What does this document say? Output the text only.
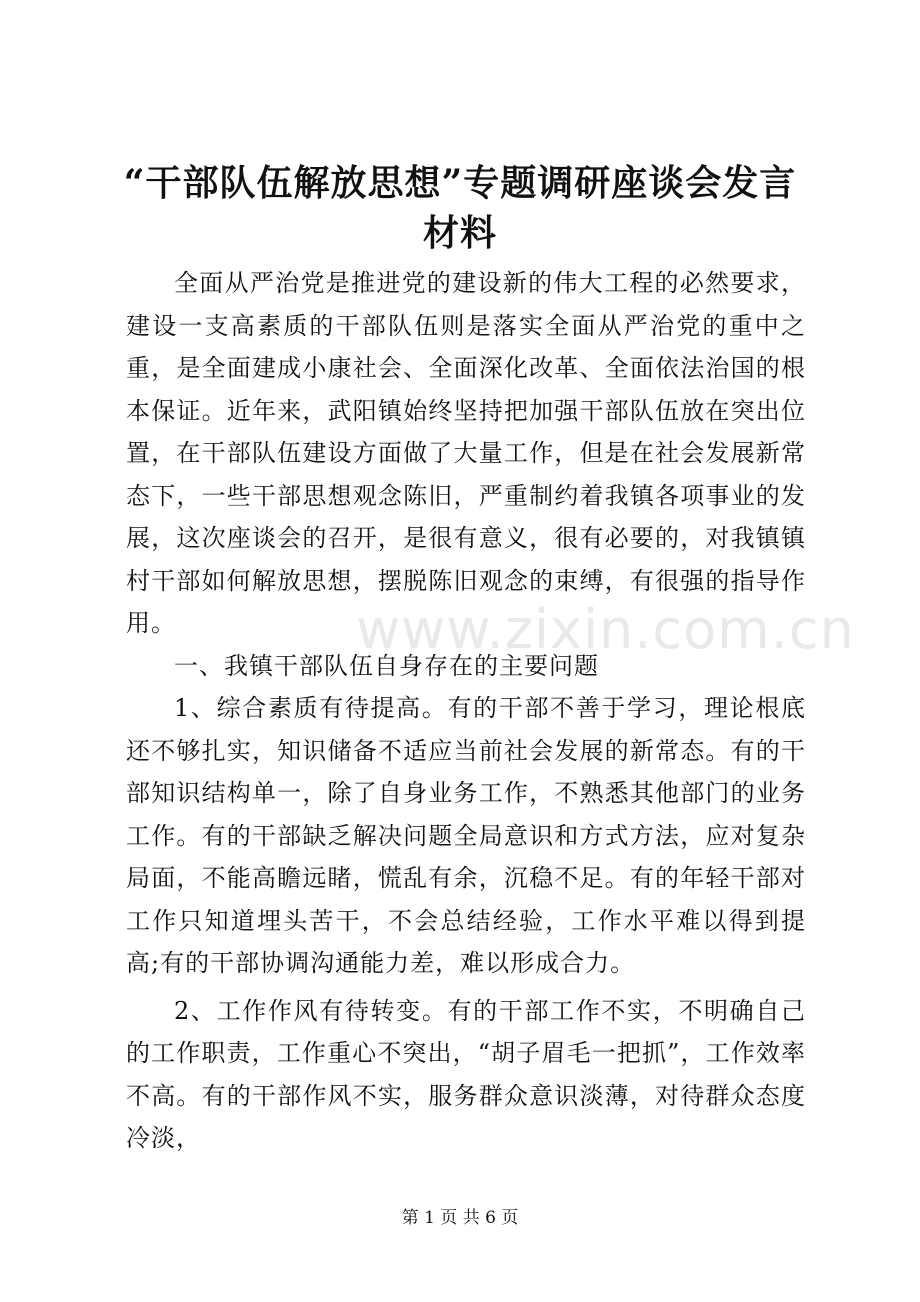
“干部队伍解放思想”专题调研座谈会发言材料

全面从严治党是推进党的建设新的伟大工程的必然要求，建设一支高素质的干部队伍则是落实全面从严治党的重中之重，是全面建成小康社会、全面深化改革、全面依法治国的根本保证。近年来，武阳镇始终坚持把加强干部队伍放在突出位置，在干部队伍建设方面做了大量工作，但是在社会发展新常态下，一些干部思想观念陈旧，严重制约着我镇各项事业的发展，这次座谈会的召开，是很有意义，很有必要的，对我镇镇村干部如何解放思想，摆脱陈旧观念的束缚，有很强的指导作用。

一、我镇干部队伍自身存在的主要问题

1、综合素质有待提高。有的干部不善于学习，理论根底还不够扎实，知识储备不适应当前社会发展的新常态。有的干部知识结构单一，除了自身业务工作，不熟悉其他部门的业务工作。有的干部缺乏解决问题全局意识和方式方法，应对复杂局面，不能高瞻远睹，慌乱有余，沉稳不足。有的年轻干部对工作只知道埋头苦干，不会总结经验，工作水平难以得到提高;有的干部协调沟通能力差，难以形成合力。

2、工作作风有待转变。有的干部工作不实，不明确自己的工作职责，工作重心不突出，“胡子眉毛一把抓”，工作效率不高。有的干部作风不实，服务群众意识淡薄，对待群众态度冷淡，

www.zixin.com.cn
第 1 页 共 6 页
